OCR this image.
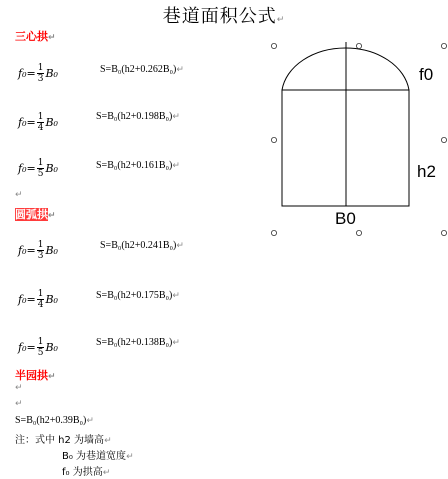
巷道面积公式↵
三心拱↵
$f_0= \frac{1}{3} B_0$	S=B₀(h2+0.262B₀)↵
$f_0= \frac{1}{4} B_0$	S=B₀(h2+0.198B₀)↵
$f_0= \frac{1}{5} B_0$	S=B₀(h2+0.161B₀)↵
↵
圆弧拱↵
$f_0= \frac{1}{3} B_0$	S=B₀(h2+0.241B₀)↵
$f_0= \frac{1}{4} B_0$	S=B₀(h2+0.175B₀)↵
$f_0= \frac{1}{5} B_0$	S=B₀(h2+0.138B₀)↵
半园拱↵
↵
↵
S=B₀(h2+0.39B₀)↵
注：式中 h2 为墙高↵
B₀ 为巷道宽度↵
f₀ 为拱高↵
f0
h2
B0
